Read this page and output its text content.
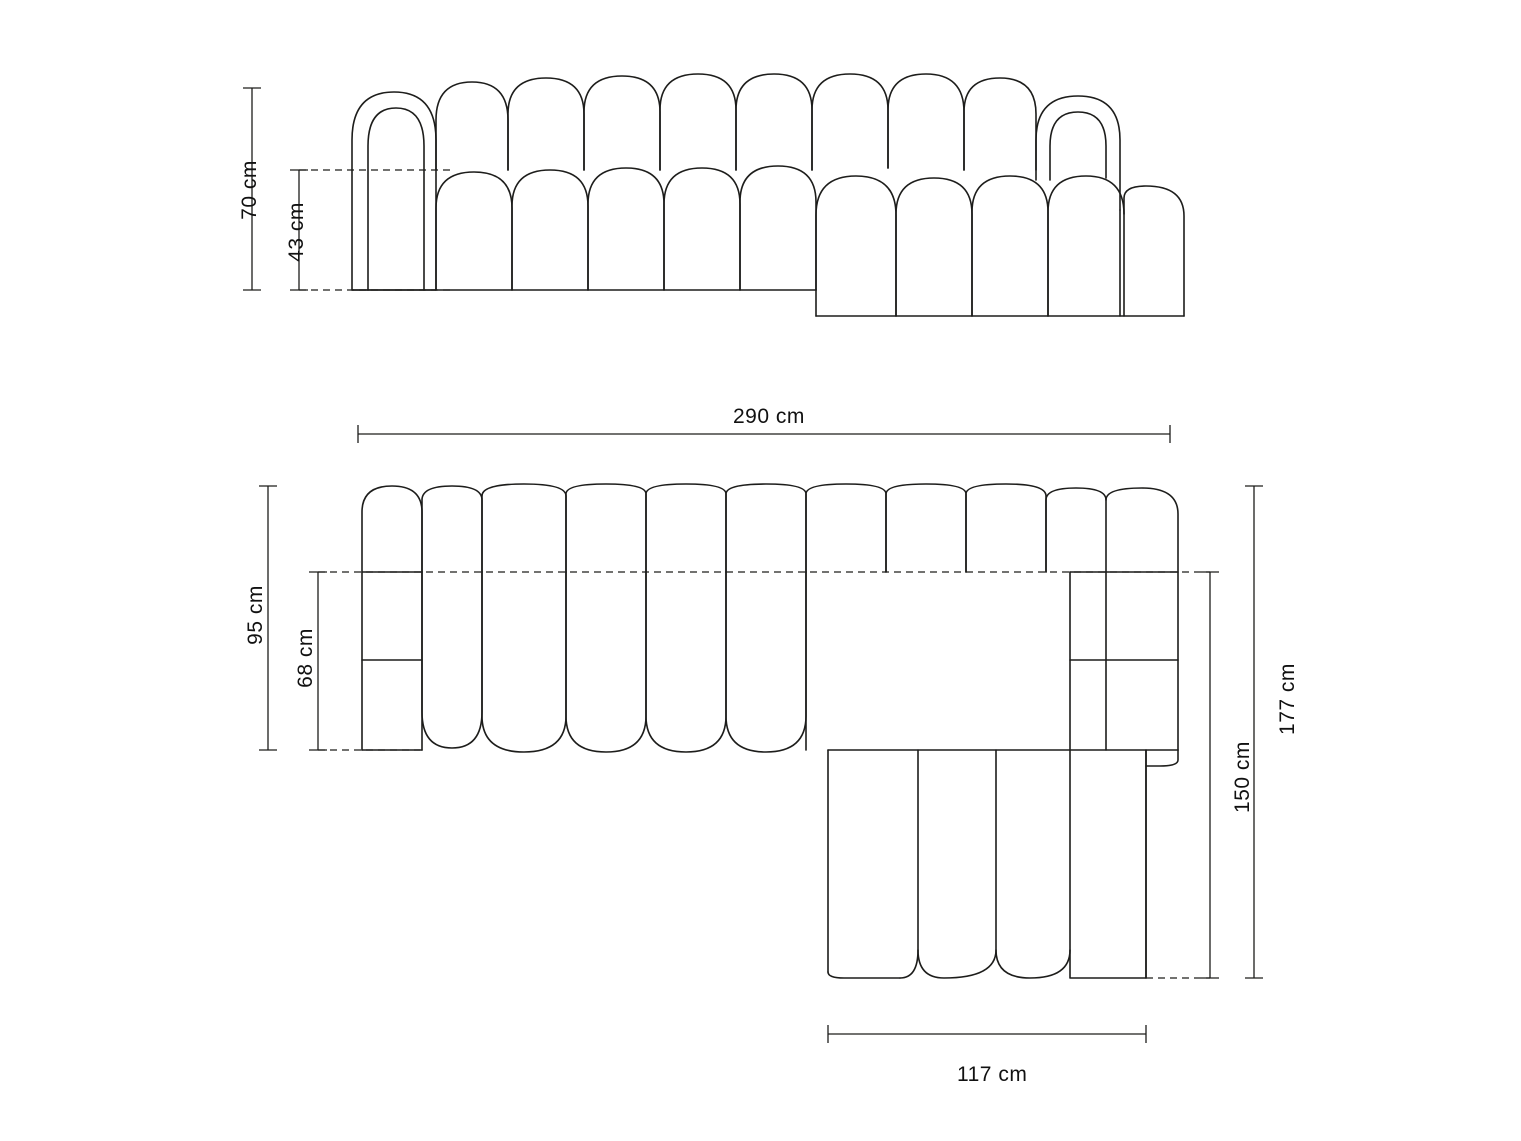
70 cm
43 cm
290 cm
95 cm
68 cm
177 cm
150 cm
117 cm
